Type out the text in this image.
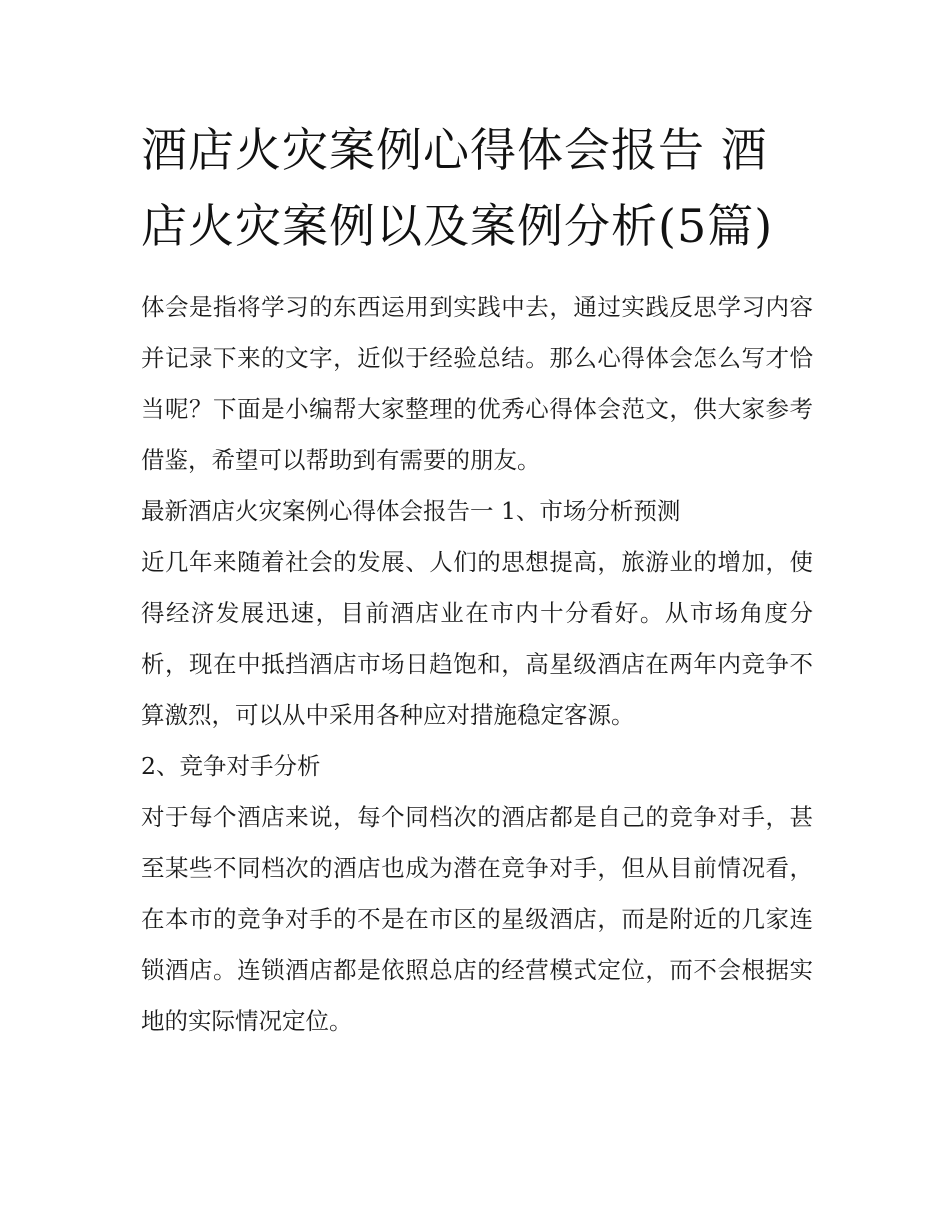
酒店火灾案例心得体会报告 酒店火灾案例以及案例分析(5篇)

体会是指将学习的东西运用到实践中去，通过实践反思学习内容并记录下来的文字，近似于经验总结。那么心得体会怎么写才恰当呢？下面是小编帮大家整理的优秀心得体会范文，供大家参考借鉴，希望可以帮助到有需要的朋友。

最新酒店火灾案例心得体会报告一 1、市场分析预测

近几年来随着社会的发展、人们的思想提高，旅游业的增加，使得经济发展迅速，目前酒店业在市内十分看好。从市场角度分析，现在中抵挡酒店市场日趋饱和，高星级酒店在两年内竞争不算激烈，可以从中采用各种应对措施稳定客源。

2、竞争对手分析

对于每个酒店来说，每个同档次的酒店都是自己的竞争对手，甚至某些不同档次的酒店也成为潜在竞争对手，但从目前情况看，在本市的竞争对手的不是在市区的星级酒店，而是附近的几家连锁酒店。连锁酒店都是依照总店的经营模式定位，而不会根据实地的实际情况定位。
